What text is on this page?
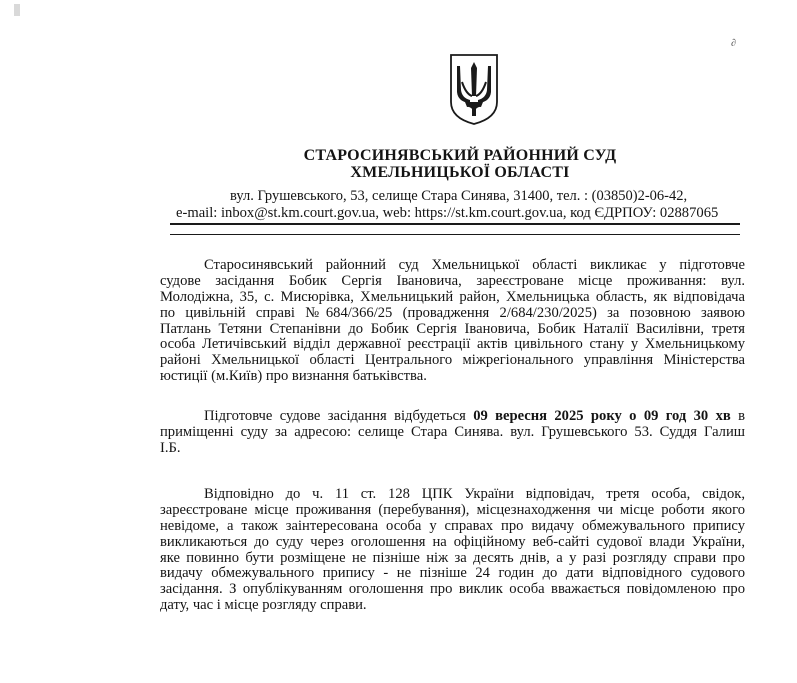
∂
СТАРОСИНЯВСЬКИЙ РАЙОННИЙ СУД
ХМЕЛЬНИЦЬКОЇ ОБЛАСТІ
вул. Грушевського, 53, селище Стара Синява, 31400, тел. : (03850)2-06-42,
e-mail: inbox@st.km.court.gov.ua, web: https://st.km.court.gov.ua, код ЄДРПОУ: 02887065
Старосинявський районний суд Хмельницької області викликає у підготовче
судове засідання Бобик Сергія Івановича, зареєстроване місце проживання: вул.
Молодіжна, 35, с. Мисюрівка, Хмельницький район, Хмельницька область, як відповідача
по цивільній справі №684/366/25 (провадження 2/684/230/2025) за позовною заявою
Патлань Тетяни Степанівни до Бобик Сергія Івановича, Бобик Наталії Василівни, третя
особа Летичівський відділ державної реєстрації актів цивільного стану у Хмельницькому
районі Хмельницької області Центрального міжрегіонального управління Міністерства
юстиції (м.Київ) про визнання батьківства.
Підготовче судове засідання відбудеться 09 вересня 2025 року о 09 год 30 хв в
приміщенні суду за адресою: селище Стара Синява. вул. Грушевського 53. Суддя Галиш
І.Б.
Відповідно до ч. 11 ст. 128 ЦПК України відповідач, третя особа, свідок,
зареєстроване місце проживання (перебування), місцезнаходження чи місце роботи якого
невідоме, а також заінтересована особа у справах про видачу обмежувального припису
викликаються до суду через оголошення на офіційному веб-сайті судової влади України,
яке повинно бути розміщене не пізніше ніж за десять днів, а у разі розгляду справи про
видачу обмежувального припису - не пізніше 24 годин до дати відповідного судового
засідання. З опублікуванням оголошення про виклик особа вважається повідомленою про
дату, час і місце розгляду справи.
